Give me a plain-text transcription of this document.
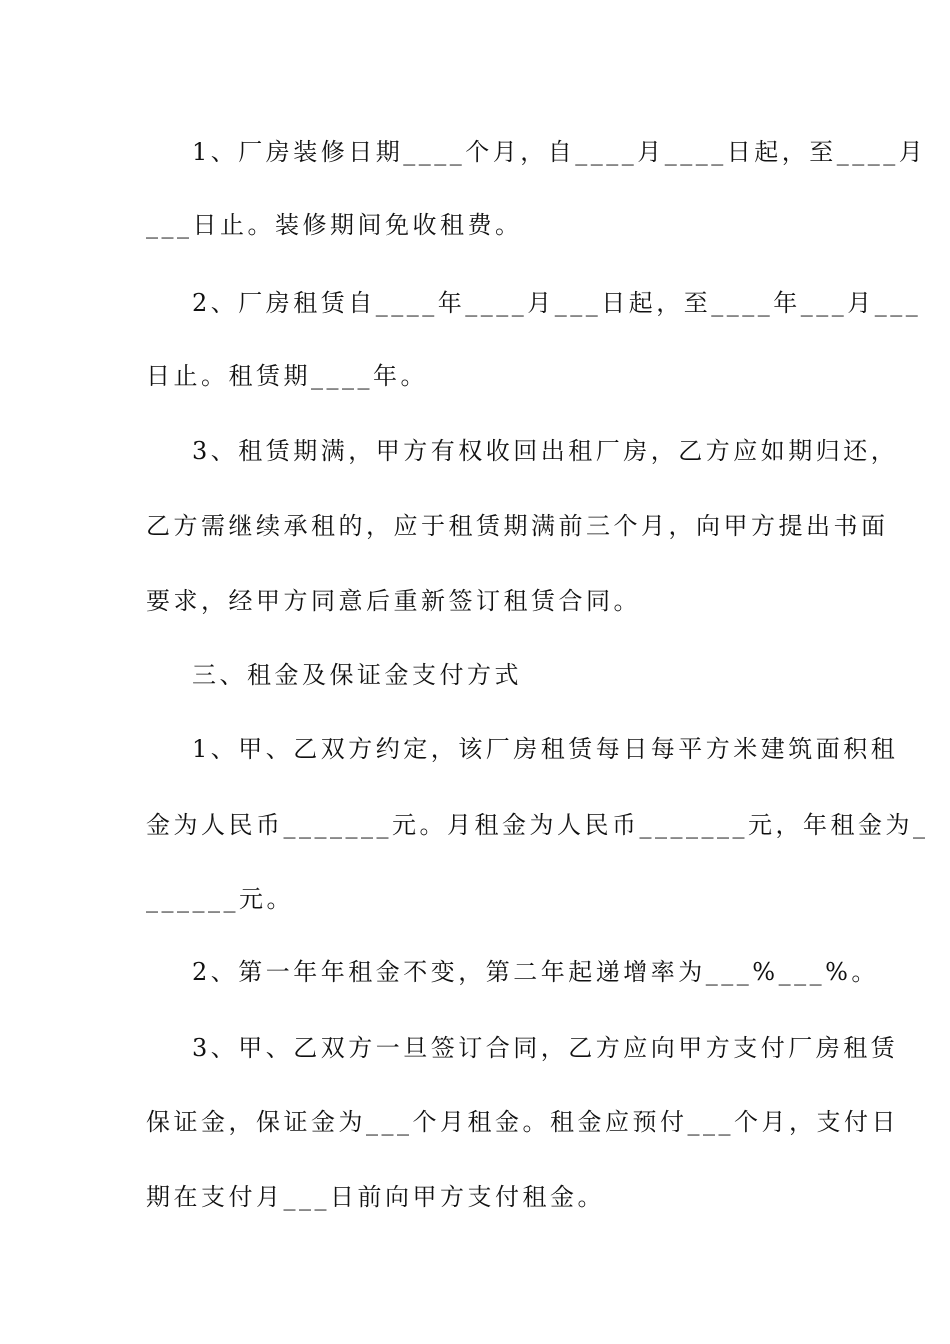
1、厂房装修日期____个月，自____月____日起，至____月
___日止。装修期间免收租费。
2、厂房租赁自____年____月___日起，至____年___月___
日止。租赁期____年。
3、租赁期满，甲方有权收回出租厂房，乙方应如期归还，
乙方需继续承租的，应于租赁期满前三个月，向甲方提出书面
要求，经甲方同意后重新签订租赁合同。
三、租金及保证金支付方式
1、甲、乙双方约定，该厂房租赁每日每平方米建筑面积租
金为人民币_______元。月租金为人民币_______元，年租金为_
______元。
2、第一年年租金不变，第二年起递增率为___%___%。
3、甲、乙双方一旦签订合同，乙方应向甲方支付厂房租赁
保证金，保证金为___个月租金。租金应预付___个月，支付日
期在支付月___日前向甲方支付租金。
